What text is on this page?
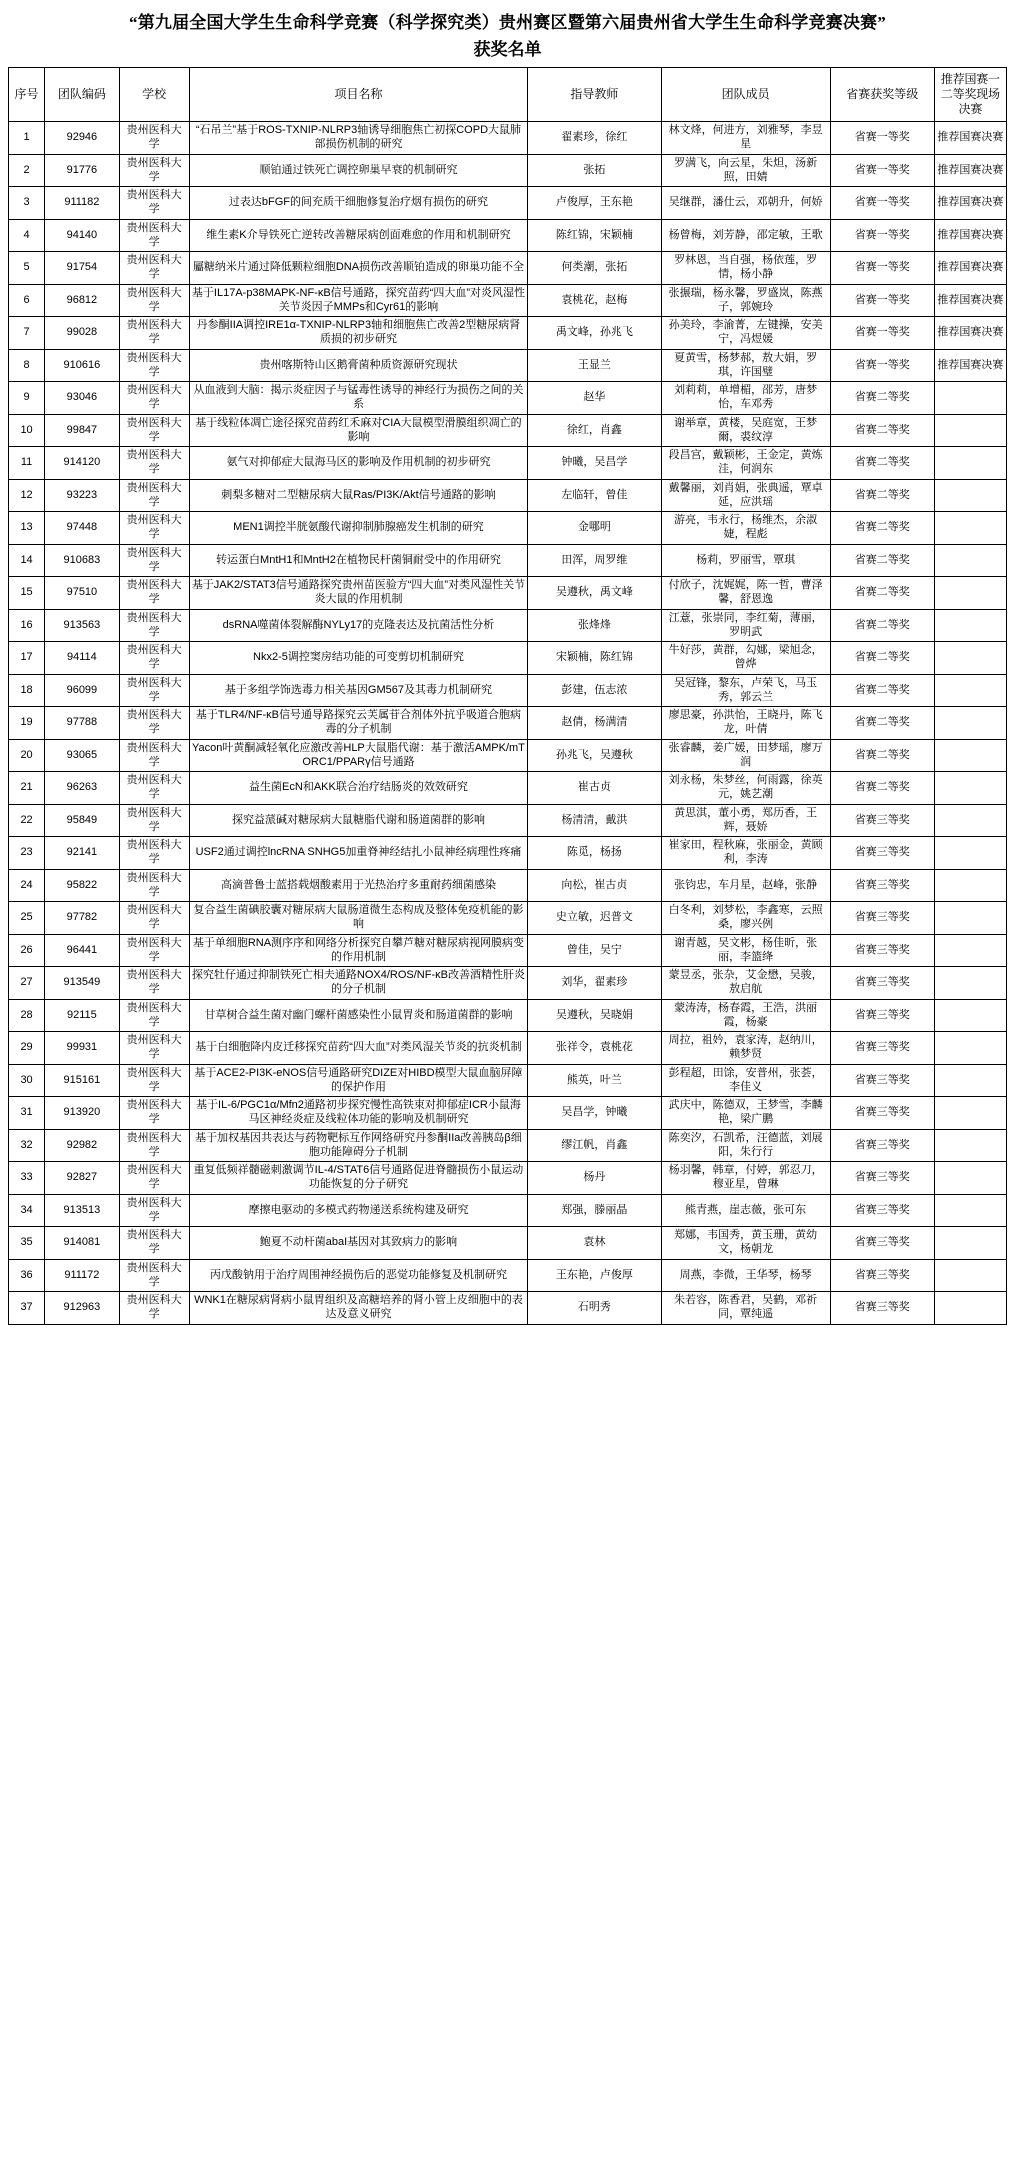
“第九届全国大学生生命科学竞赛（科学探究类）贵州赛区暨第六届贵州省大学生生命科学竞赛决赛”
获奖名单
序号	团队编码	学校	项目名称	指导教师	团队成员	省赛获奖等级	推荐国赛一二等奖现场决赛
1	92946	贵州医科大学	“石吊兰”基于ROS-TXNIP-NLRP3轴诱导细胞焦亡初探COPD大鼠肺部损伤机制的研究	翟素珍，徐红	林文烽，何进方，刘雅琴，李昱星	省赛一等奖	推荐国赛决赛
2	91776	贵州医科大学	顺铂通过铁死亡调控卵巢早衰的机制研究	张拓	罗满飞，向云星，朱炟，汤新照，田婧	省赛一等奖	推荐国赛决赛
3	911182	贵州医科大学	过表达bFGF的间充质干细胞修复治疗烟有损伤的研究	卢俊厚，王东艳	吴继群，潘仕云，邓朝升，何娇	省赛一等奖	推荐国赛决赛
4	94140	贵州医科大学	维生素K介导铁死亡逆转改善糖尿病创面难愈的作用和机制研究	陈红锦，宋颖楠	杨曾梅，刘芳静，邵定敏，王歌	省赛一等奖	推荐国赛决赛
5	91754	贵州医科大学	屬糖纳米片通过降低颗粒细胞DNA损伤改善顺铂造成的卵巢功能不全	何类潮，张拓	罗林恩，当自强，杨依莲，罗情，杨小静	省赛一等奖	推荐国赛决赛
6	96812	贵州医科大学	基于IL17A-p38MAPK-NF-κB信号通路，探究苗药“四大血”对炎风湿性关节炎因子MMPs和Cyr61的影响	袁桃花，赵梅	张搌瑞，杨永馨，罗盛岚，陈燕子，郭婉玲	省赛一等奖	推荐国赛决赛
7	99028	贵州医科大学	丹参酮IIA调控IRE1α-TXNIP-NLRP3轴和细胞焦亡改善2型糖尿病肾质损的初步研究	禹文峰，孙兆飞	孙美玲，李渝菁，左键操，安美宁，冯煜媛	省赛一等奖	推荐国赛决赛
8	910616	贵州医科大学	贵州喀斯特山区鹅膏菌种质资源研究现状	王显兰	夏黄雪，杨梦郝，敖大娟，罗琪，许国璧	省赛一等奖	推荐国赛决赛
9	93046	贵州医科大学	从血液到大脑：揭示炎症因子与锰毒性诱导的神经行为损伤之间的关系	赵华	刘莉莉，单增楣，邵芳，唐梦怡，车邓秀	省赛二等奖	
10	99847	贵州医科大学	基于线粒体凋亡途径探究苗药红禾麻对CIA大鼠模型滑膜组织凋亡的影响	徐红，肖鑫	谢举章，黄楼，吴庭宽，王梦爾，裘纹淳	省赛二等奖	
11	914120	贵州医科大学	氨气对抑郁症大鼠海马区的影响及作用机制的初步研究	钟曦，吴昌学	段昌宫，戴颖彬，王金定，黄炼洼，何润东	省赛二等奖	
12	93223	贵州医科大学	刺梨多糖对二型糖尿病大鼠Ras/PI3K/Akt信号通路的影响	左临轩，曾佳	戴馨丽，刘肖娟，张典遥，覃卓延，应洪瑶	省赛二等奖	
13	97448	贵州医科大学	MEN1调控半胱氨酸代谢抑制肺腺癌发生机制的研究	金哪明	游亮，韦永行，杨维杰，余淑婕，程彪	省赛二等奖	
14	910683	贵州医科大学	转运蛋白MntH1和MntH2在植物民杆菌铜耐受中的作用研究	田浑，周罗维	杨莉，罗丽雪，覃琪	省赛二等奖	
15	97510	贵州医科大学	基于JAK2/STAT3信号通路探究贵州苗医验方“四大血”对类风湿性关节炎大鼠的作用机制	吴遵秋，禹文峰	付欣子，沈娓娓，陈一哲，曹泽馨，舒恩逸	省赛二等奖	
16	913563	贵州医科大学	dsRNA噬菌体裂解酶NYLy17的克隆表达及抗菌活性分析	张烽烽	江薏，张崇同，李红菊，薄丽，罗明武	省赛二等奖	
17	94114	贵州医科大学	Nkx2-5调控窦房结功能的可变剪切机制研究	宋颖楠，陈红锦	牛好莎，黄群，勾娜，梁旭念，曾烨	省赛二等奖	
18	96099	贵州医科大学	基于多组学饰选毒力相关基因GM567及其毒力机制研究	彭建，伍志浓	吴冠锋，黎东，卢荣飞，马玉秀，郭云兰	省赛二等奖	
19	97788	贵州医科大学	基于TLR4/NF-κB信号通导路探究云芙属苷合剂体外抗乎吸道合胞病毒的分子机制	赵倩，杨满清	廖思豪，孙洪怡，王晓丹，陈飞龙，叶倩	省赛二等奖	
20	93065	贵州医科大学	Yacon叶黄酮减轻氧化应激改善HLP大鼠脂代谢：基于激活AMPK/mTORC1/PPARγ信号通路	孙兆飞，吴遵秋	张睿麟，姜广媛，田梦瑶，廖万润	省赛二等奖	
21	96263	贵州医科大学	益生菌EcN和AKK联合治疗结肠炎的效效研究	崔古贞	刘永杨，朱梦丝，何雨露，徐英元，姚艺潮	省赛二等奖	
22	95849	贵州医科大学	探究益蒎碱对糖尿病大鼠糖脂代谢和肠道菌群的影响	杨清清，戴洪	黄思淇，董小勇，郑历香，王辉，聂娇	省赛三等奖	
23	92141	贵州医科大学	USF2通过调控lncRNA SNHG5加重脊神经结扎小鼠神经病理性疼痛	陈觅，杨扬	崔家田，程秋麻，张丽金，黄顾利，李涛	省赛三等奖	
24	95822	贵州医科大学	高滴普鲁士蓝搭载烟酸素用于光热治疗多重耐药细菌感染	向松，崔古贞	张钧忠，车月星，赵峰，张静	省赛三等奖	
25	97782	贵州医科大学	复合益生菌碘胶囊对糖尿病大鼠肠道微生态构成及整体免疫机能的影响	史立敏，迟普文	白冬利，刘梦松，李鑫寒，云照桑，廖兴例	省赛三等奖	
26	96441	贵州医科大学	基于单细胞RNA测序序和网络分析探究自攀芦糖对糖尿病视网膜病变的作用机制	曾佳，吴宁	谢青越，吴文彬，杨佳昕，张丽，李篮绛	省赛三等奖	
27	913549	贵州医科大学	探究牡仔通过抑制铁死亡相夫通路NOX4/ROS/NF-κB改善酒精性肝炎的分子机制	刘华，翟素珍	蒙昱丞，张杂，艾金懋，吴骏，敖启航	省赛三等奖	
28	92115	贵州医科大学	甘草树合益生菌对幽门螺杆菌感染性小鼠胃炎和肠道菌群的影响	吴遵秋，吴晓娟	蒙涛涛，杨春霞，王浩，洪丽霞，杨豪	省赛三等奖	
29	99931	贵州医科大学	基于白细胞降内皮迁移探究苗药“四大血”对类风湿关节炎的抗炎机制	张祥令，袁桃花	周拉，祖妗，袁家涛，赵纳川，赖梦贤	省赛三等奖	
30	915161	贵州医科大学	基于ACE2-PI3K-eNOS信号通路研究DIZE对HIBD模型大鼠血脑屏障的保护作用	熊英，叶兰	彭程超，田馀，安普州，张荟，李佳义	省赛三等奖	
31	913920	贵州医科大学	基于IL-6/PGC1α/Mfn2通路初步探究慢性高铁束对抑郁症ICR小鼠海马区神经炎症及线粒体功能的影响及机制研究	吴昌学，钟曦	武庆中，陈德双，王梦雪，李麟艳，梁广鹏	省赛三等奖	
32	92982	贵州医科大学	基于加权基因共表达与药物靶标互作网络研究丹参酮IIa改善胰岛β细胞功能障碍分子机制	缪江帆，肖鑫	陈奕汐，石凯希，汪德蓝，刘展阳，朱行行	省赛三等奖	
33	92827	贵州医科大学	重复低频祥髓磁刺激调节IL-4/STAT6信号通路促进脊髓损伤小鼠运动功能恢复的分子研究	杨丹	杨羽馨，韩章，付婷，郭忍刀，穆亚星，曾琳	省赛三等奖	
34	913513	贵州医科大学	摩擦电驱动的多模式药物递送系统构建及研究	郑强，滕丽晶	熊青燕，崖志薇，张可东	省赛三等奖	
35	914081	贵州医科大学	鲍夏不动杆菌abaI基因对其致病力的影响	袁林	郑娜，韦国秀，黄玉珊，黄幼文，杨朝龙	省赛三等奖	
36	911172	贵州医科大学	丙戊酸钠用于治疗周围神经损伤后的恶觉功能修复及机制研究	王东艳，卢俊厚	周燕，李微，王华琴，杨琴	省赛三等奖	
37	912963	贵州医科大学	WNK1在糖尿病肾病小鼠胃组织及高糖培养的肾小管上皮细胞中的表达及意义研究	石明秀	朱若容，陈香君，吴鹤，邓祈同，覃纯遥	省赛三等奖	
